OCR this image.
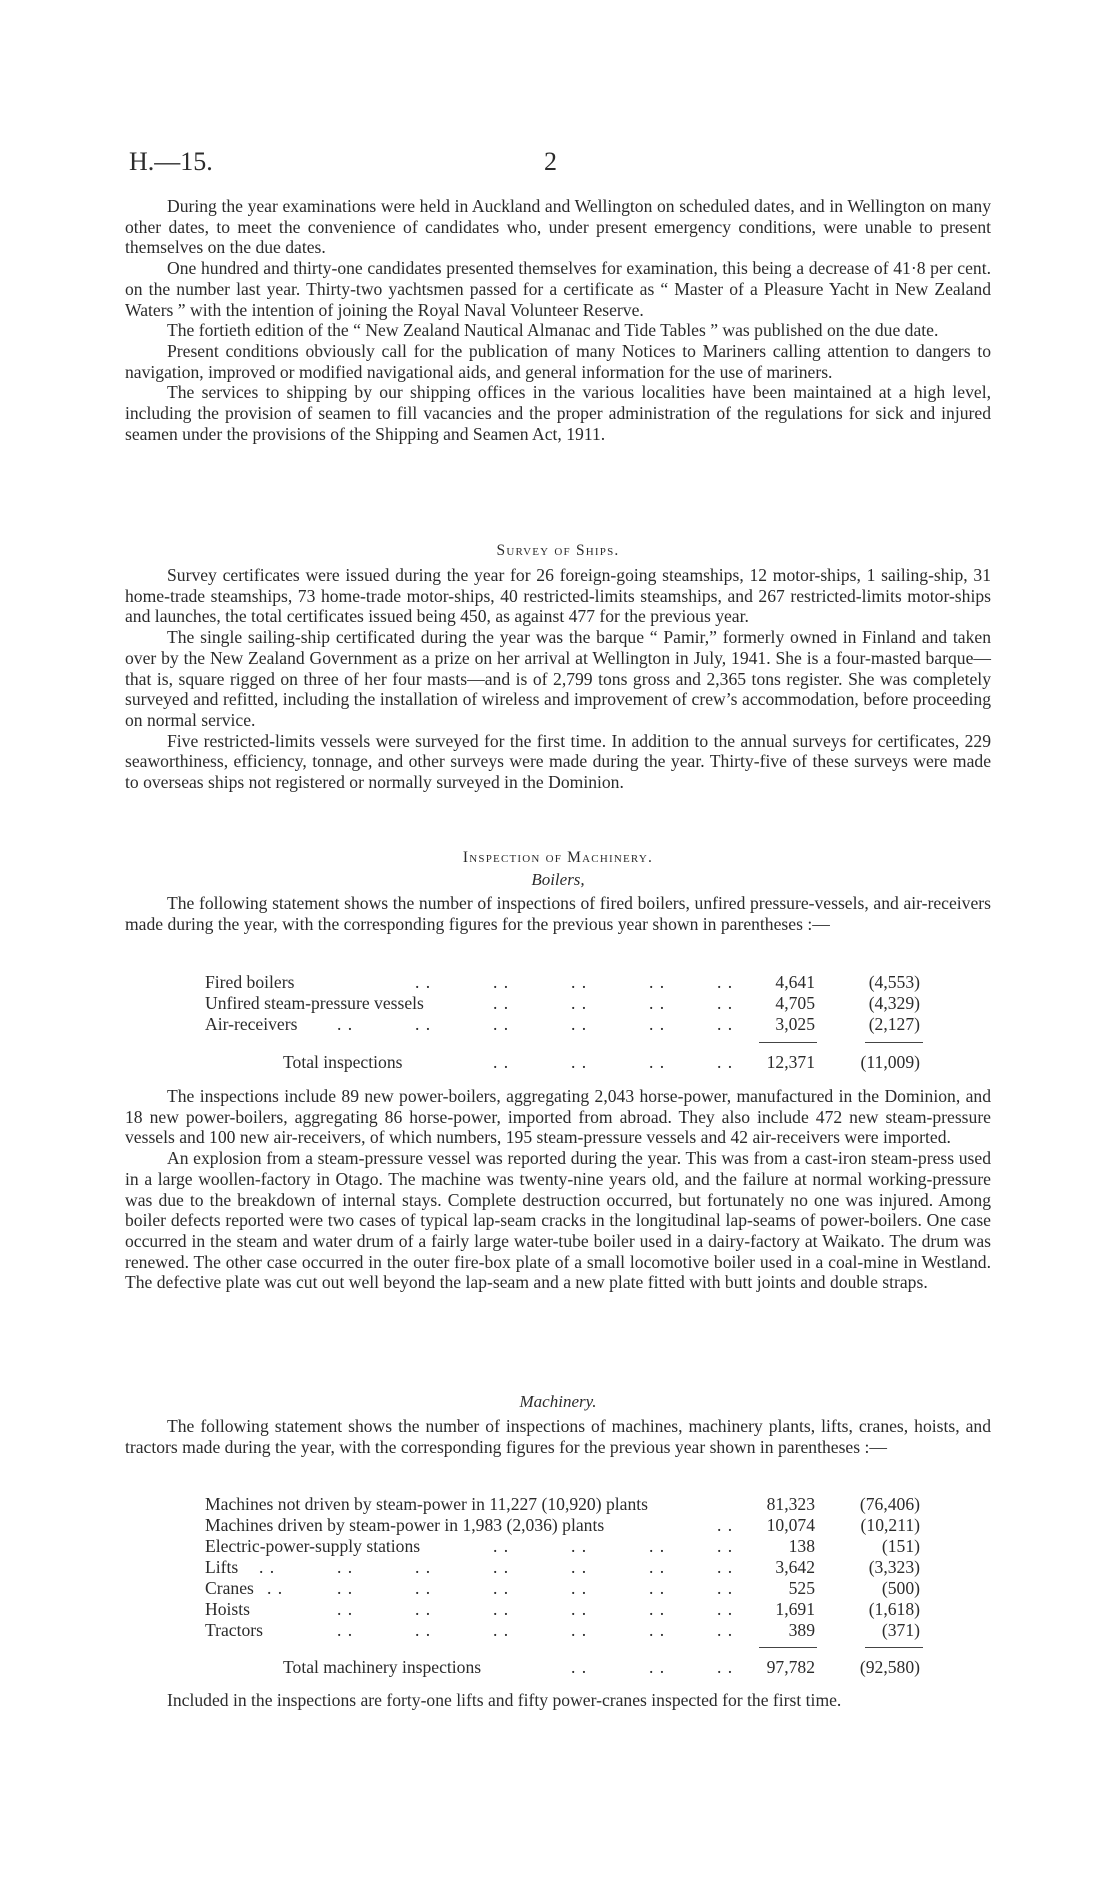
H.—15.	2

During the year examinations were held in Auckland and Wellington on scheduled dates, and in Wellington on many other dates, to meet the convenience of candidates who, under present emergency conditions, were unable to present themselves on the due dates.

One hundred and thirty-one candidates presented themselves for examination, this being a decrease of 41·8 per cent. on the number last year. Thirty-two yachtsmen passed for a certificate as “ Master of a Pleasure Yacht in New Zealand Waters ” with the intention of joining the Royal Naval Volunteer Reserve.

The fortieth edition of the “ New Zealand Nautical Almanac and Tide Tables ” was published on the due date.

Present conditions obviously call for the publication of many Notices to Mariners calling attention to dangers to navigation, improved or modified navigational aids, and general information for the use of mariners.

The services to shipping by our shipping offices in the various localities have been maintained at a high level, including the provision of seamen to fill vacancies and the proper administration of the regulations for sick and injured seamen under the provisions of the Shipping and Seamen Act, 1911.

Survey of Ships.

Survey certificates were issued during the year for 26 foreign-going steamships, 12 motor-ships, 1 sailing-ship, 31 home-trade steamships, 73 home-trade motor-ships, 40 restricted-limits steamships, and 267 restricted-limits motor-ships and launches, the total certificates issued being 450, as against 477 for the previous year.

The single sailing-ship certificated during the year was the barque “ Pamir,” formerly owned in Finland and taken over by the New Zealand Government as a prize on her arrival at Wellington in July, 1941. She is a four-masted barque—that is, square rigged on three of her four masts—and is of 2,799 tons gross and 2,365 tons register. She was completely surveyed and refitted, including the installation of wireless and improvement of crew’s accommodation, before proceeding on normal service.

Five restricted-limits vessels were surveyed for the first time. In addition to the annual surveys for certificates, 229 seaworthiness, efficiency, tonnage, and other surveys were made during the year. Thirty-five of these surveys were made to overseas ships not registered or normally surveyed in the Dominion.

Inspection of Machinery.
Boilers,

The following statement shows the number of inspections of fired boilers, unfired pressure-vessels, and air-receivers made during the year, with the corresponding figures for the previous year shown in parentheses :—

Fired boilers	. .	. .	. .	. .	. .	4,641	(4,553)
Unfired steam-pressure vessels	. .	. .	. .	. .	4,705	(4,329)
Air-receivers . .	. .	. .	. .	. .	. .	3,025	(2,127)
Total inspections	. .	. .	. .	. .	12,371	(11,009)

The inspections include 89 new power-boilers, aggregating 2,043 horse-power, manufactured in the Dominion, and 18 new power-boilers, aggregating 86 horse-power, imported from abroad. They also include 472 new steam-pressure vessels and 100 new air-receivers, of which numbers, 195 steam-pressure vessels and 42 air-receivers were imported.

An explosion from a steam-pressure vessel was reported during the year. This was from a cast-iron steam-press used in a large woollen-factory in Otago. The machine was twenty-nine years old, and the failure at normal working-pressure was due to the breakdown of internal stays. Complete destruction occurred, but fortunately no one was injured. Among boiler defects reported were two cases of typical lap-seam cracks in the longitudinal lap-seams of power-boilers. One case occurred in the steam and water drum of a fairly large water-tube boiler used in a dairy-factory at Waikato. The drum was renewed. The other case occurred in the outer fire-box plate of a small locomotive boiler used in a coal-mine in Westland. The defective plate was cut out well beyond the lap-seam and a new plate fitted with butt joints and double straps.

Machinery.

The following statement shows the number of inspections of machines, machinery plants, lifts, cranes, hoists, and tractors made during the year, with the corresponding figures for the previous year shown in parentheses :—

Machines not driven by steam-power in 11,227 (10,920) plants	81,323	(76,406)
Machines driven by steam-power in 1,983 (2,036) plants	. .	10,074	(10,211)
Electric-power-supply stations	. .	. .	. .	. .	138	(151)
Lifts . .	. .	. .	. .	. .	. .	. .	3,642	(3,323)
Cranes . .	. .	. .	. .	. .	. .	. .	525	(500)
Hoists	. .	. .	. .	. .	. .	. .	1,691	(1,618)
Tractors	. .	. .	. .	. .	. .	. .	389	(371)
Total machinery inspections	. .	. .	. .	97,782	(92,580)

Included in the inspections are forty-one lifts and fifty power-cranes inspected for the first time.
